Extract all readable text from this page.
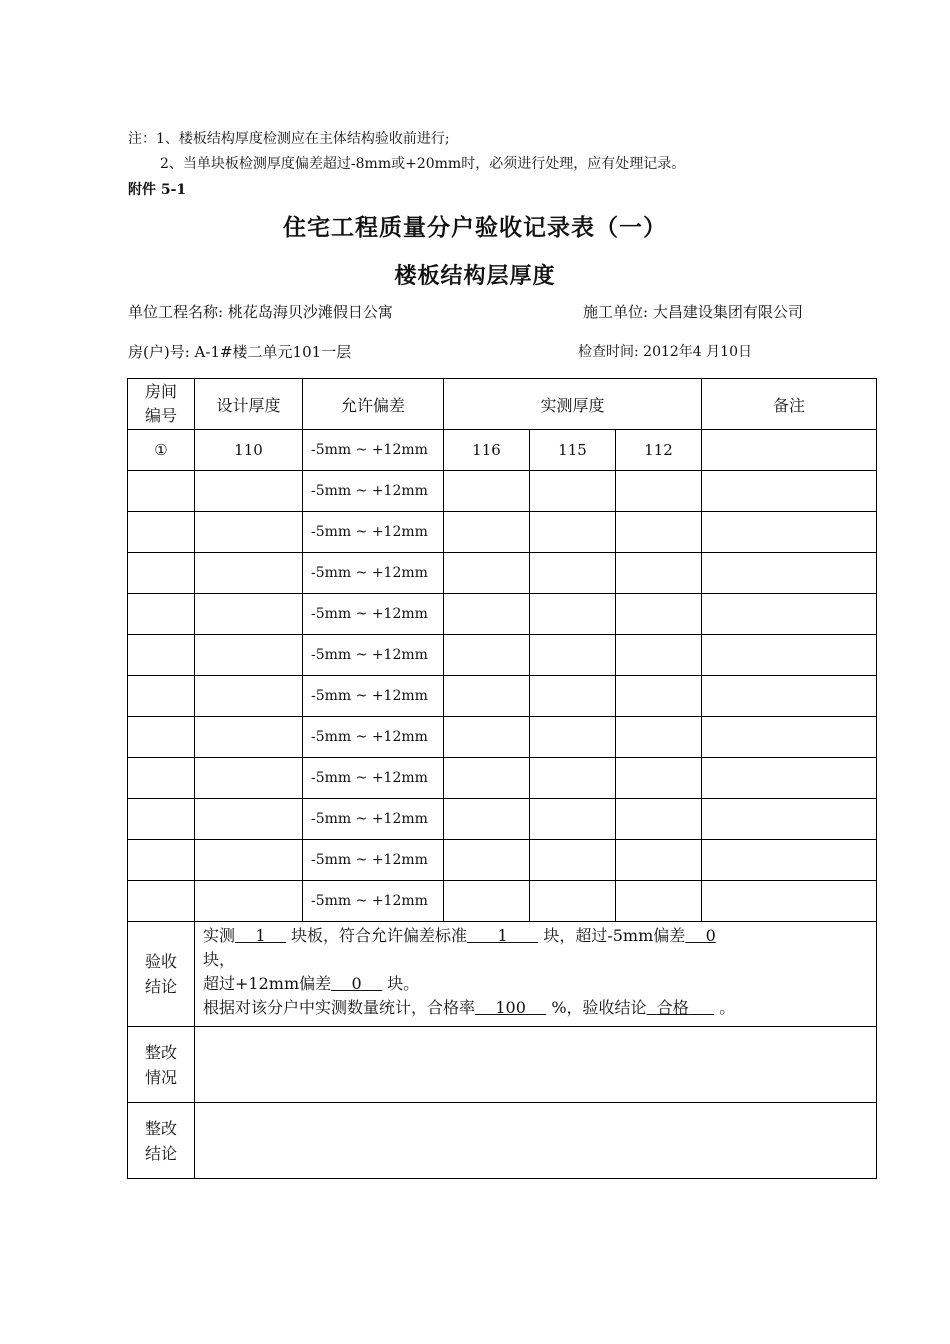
注：1、楼板结构厚度检测应在主体结构验收前进行;
2、当单块板检测厚度偏差超过-8mm或+20mm时，必须进行处理，应有处理记录。
附件 5-1
住宅工程质量分户验收记录表（一）
楼板结构层厚度
单位工程名称: 桃花岛海贝沙滩假日公寓	施工单位: 大昌建设集团有限公司
房(户)号: A-1#楼二单元101一层	检查时间: 2012年4 月10日
房间编号	设计厚度	允许偏差	实测厚度			备注
①	110	-5mm ~ +12mm	116	115	112	
		-5mm ~ +12mm				
		-5mm ~ +12mm				
		-5mm ~ +12mm				
		-5mm ~ +12mm				
		-5mm ~ +12mm				
		-5mm ~ +12mm				
		-5mm ~ +12mm				
		-5mm ~ +12mm				
		-5mm ~ +12mm				
		-5mm ~ +12mm				
		-5mm ~ +12mm				
验收结论	实测 1 块板，符合允许偏差标准 1 块，超过-5mm偏差 0
块，
超过+12mm偏差 0 块。
根据对该分户中实测数量统计，合格率 100 %，验收结论 合格 。					
整改情况						
整改结论						
